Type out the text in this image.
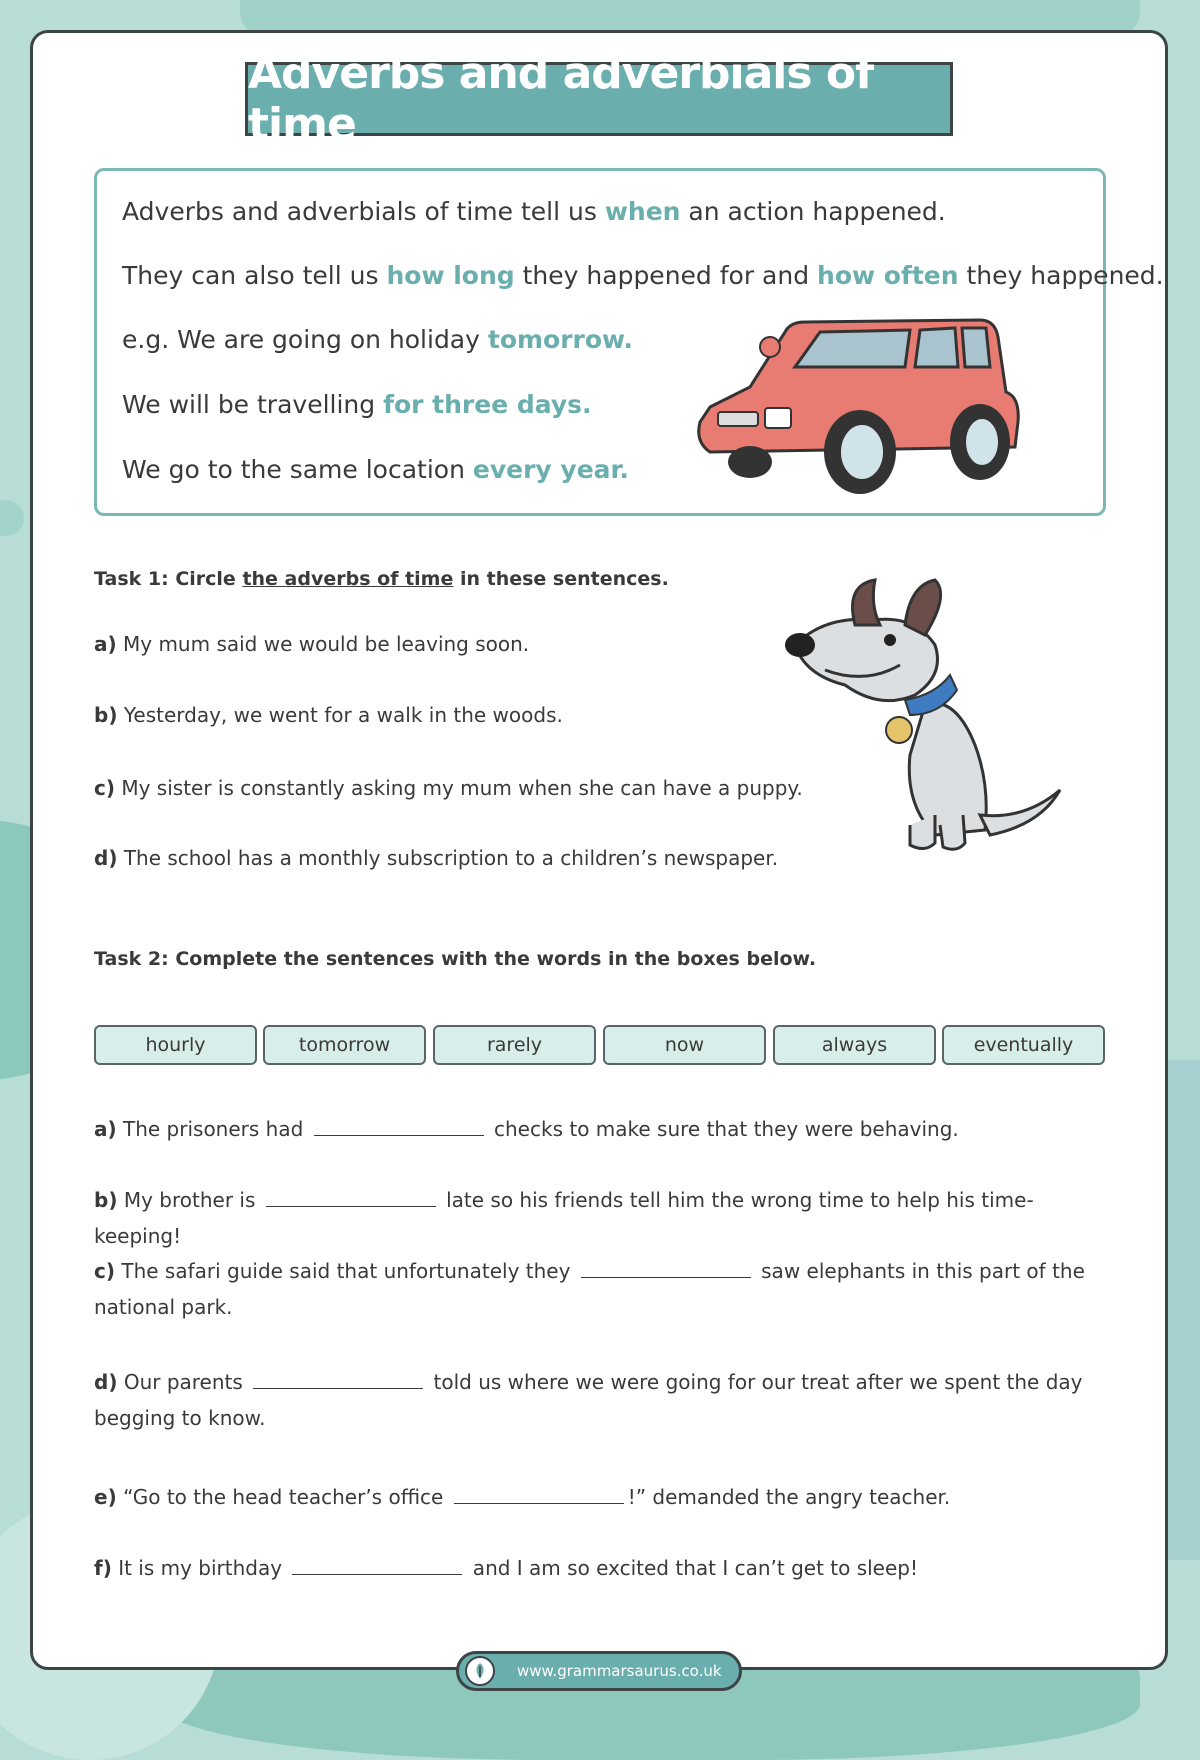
Adverbs and adverbials of time
Adverbs and adverbials of time tell us when an action happened.
They can also tell us how long they happened for and how often they happened.
e.g. We are going on holiday tomorrow.
We will be travelling for three days.
We go to the same location every year.
Task 1: Circle the adverbs of time in these sentences.
a) My mum said we would be leaving soon.
b) Yesterday, we went for a walk in the woods.
c) My sister is constantly asking my mum when she can have a puppy.
d) The school has a monthly subscription to a children’s newspaper.
Task 2: Complete the sentences with the words in the boxes below.
hourly	tomorrow	rarely	now	always	eventually
a) The prisoners had	checks to make sure that they were behaving.
b) My brother is	late so his friends tell him the wrong time to help his time-keeping!
c) The safari guide said that unfortunately they	saw elephants in this part of the national park.
d) Our parents	told us where we were going for our treat after we spent the day begging to know.
e) “Go to the head teacher’s office	!” demanded the angry teacher.
f) It is my birthday	and I am so excited that I can’t get to sleep!
www.grammarsaurus.co.uk
